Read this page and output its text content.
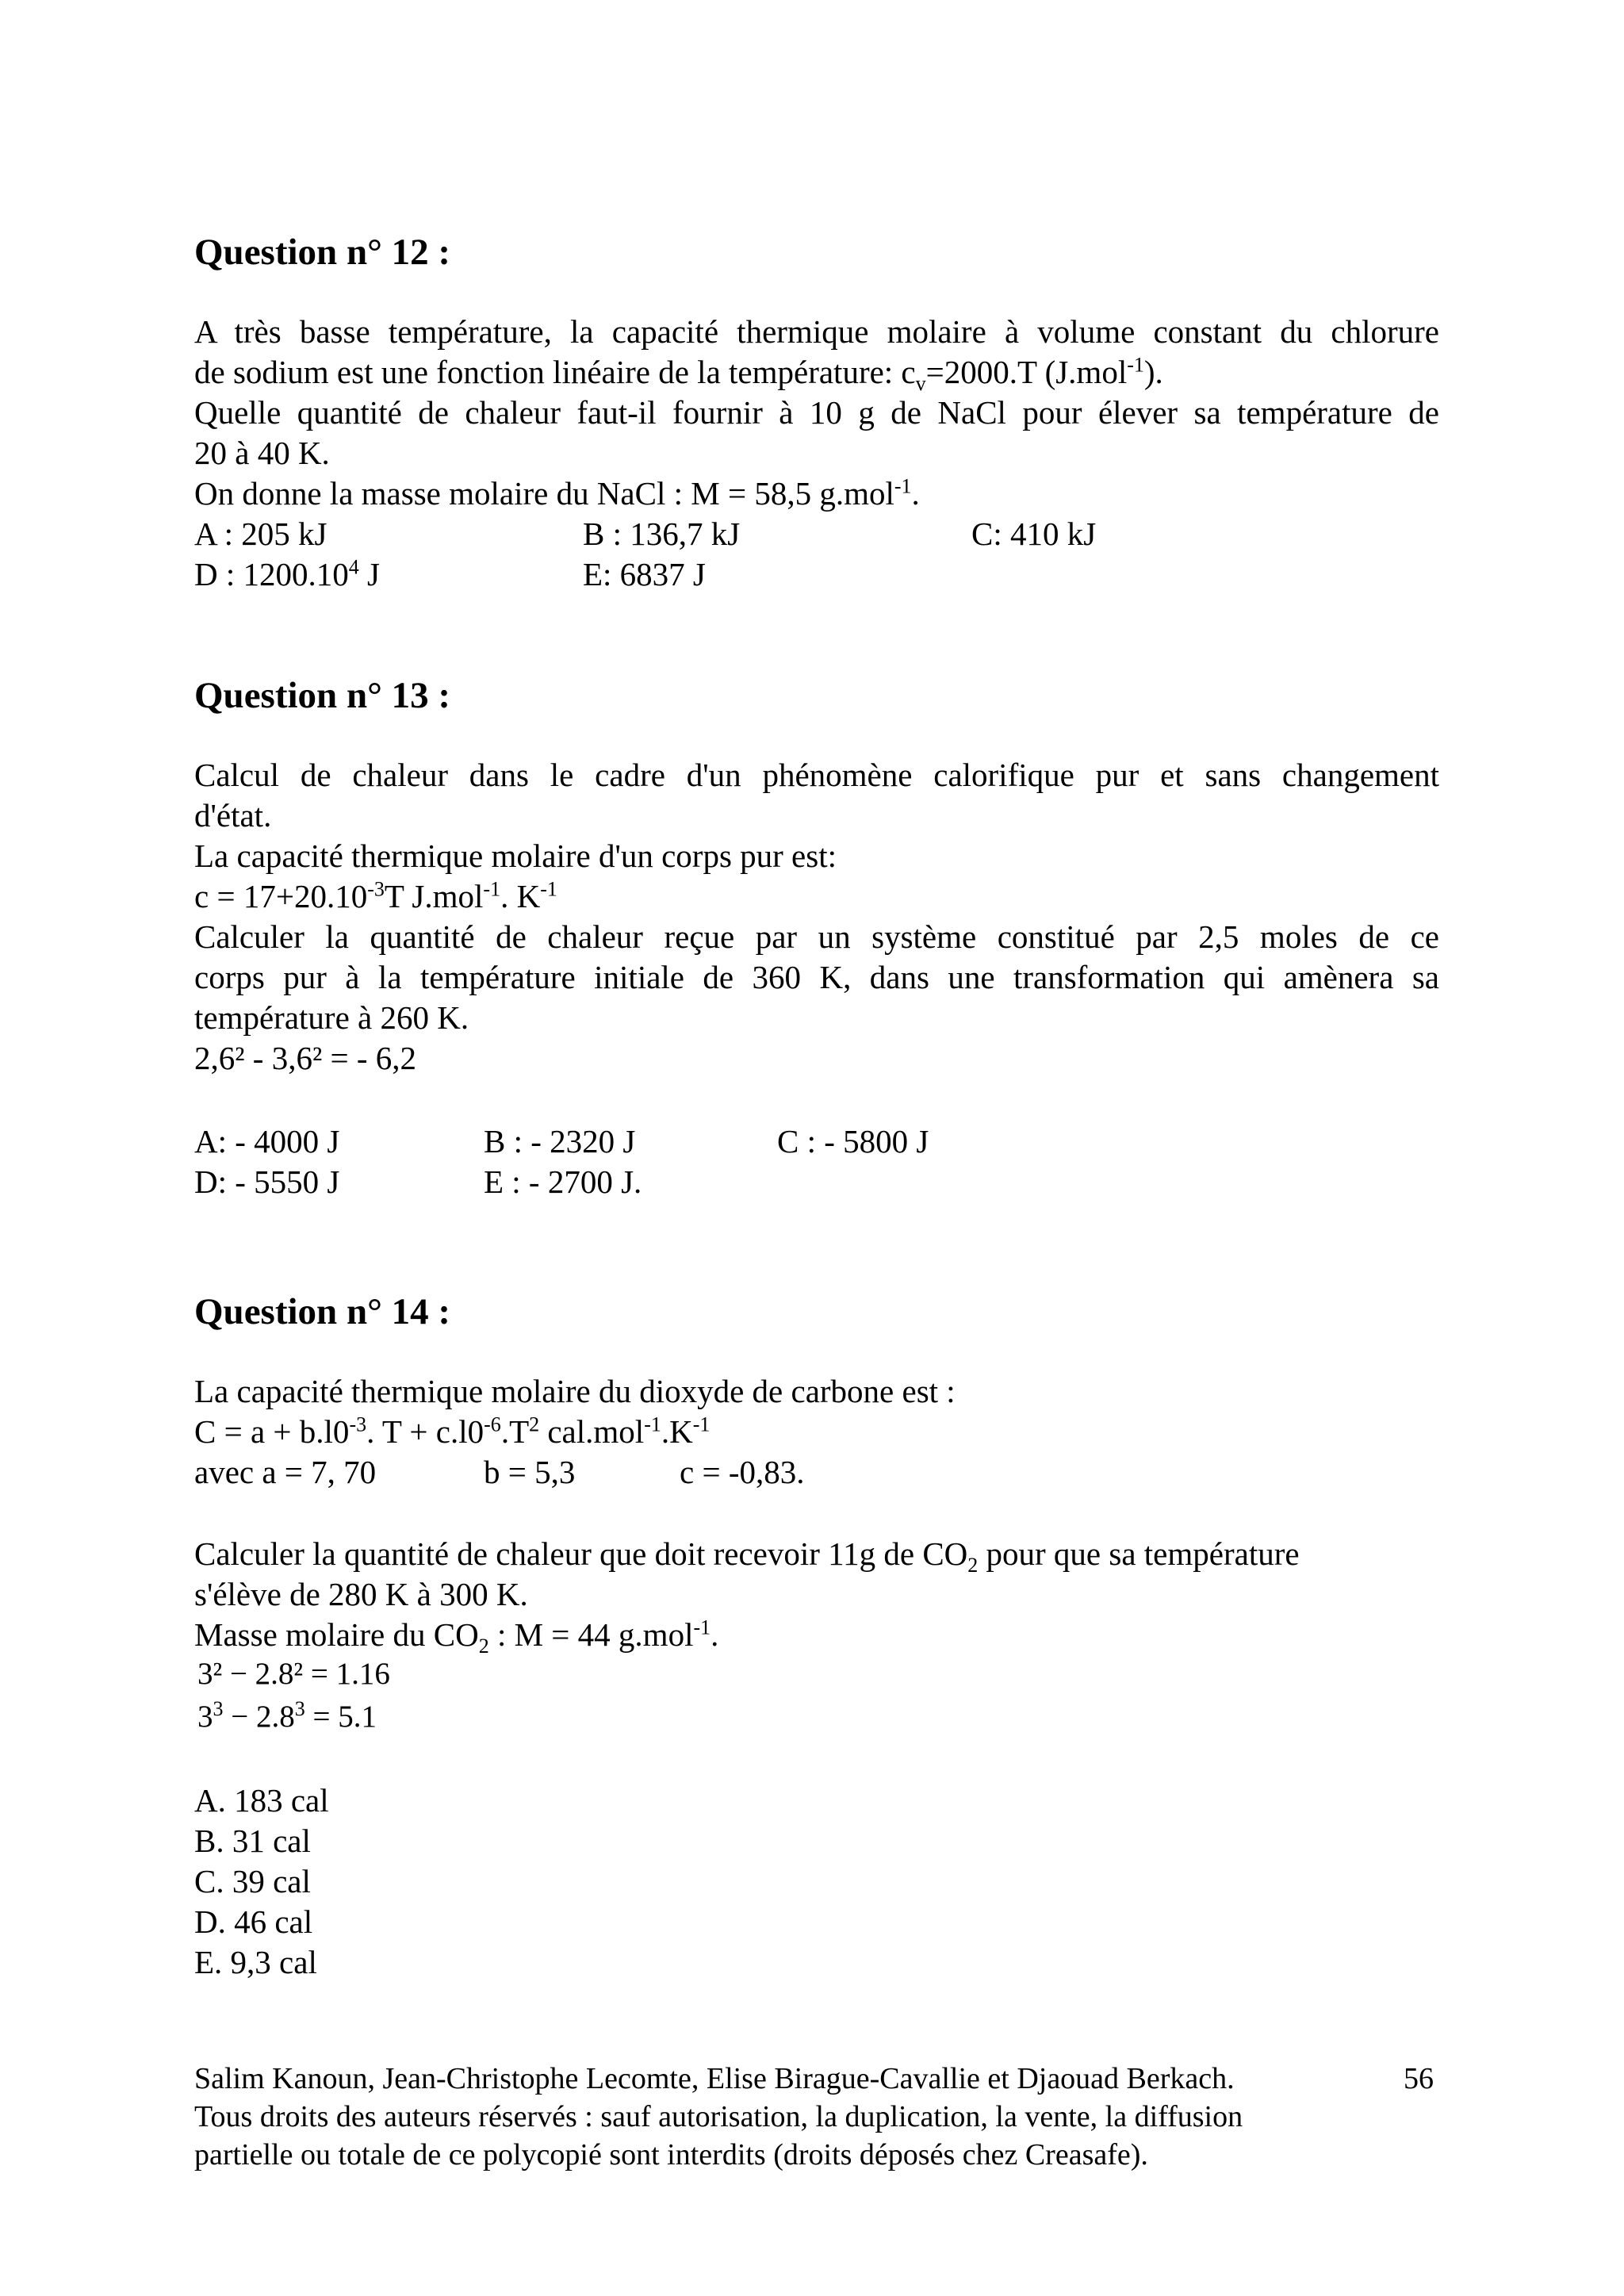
Question n° 12 :
A très basse température, la capacité thermique molaire à volume constant du chlorure
de sodium est une fonction linéaire de la température: $c_v=2000.T$ (J.mol$^{-1}$).
Quelle quantité de chaleur faut-il fournir à 10 g de NaCl pour élever sa température de
20 à 40 K.
On donne la masse molaire du NaCl : M = 58,5 g.mol$^{-1}$.
A : 205 kJ	B : 136,7 kJ	C: 410 kJ
D : 1200.10$^4$ J	E: 6837 J
Question n° 13 :
Calcul de chaleur dans le cadre d'un phénomène calorifique pur et sans changement
d'état.
La capacité thermique molaire d'un corps pur est:
$c = 17+20.10^{-3}T$ J.mol$^{-1}$. $K^{-1}$
Calculer la quantité de chaleur reçue par un système constitué par 2,5 moles de ce
corps pur à la température initiale de 360 K, dans une transformation qui amènera sa
température à 260 K.
2,6² - 3,6² = - 6,2
A: - 4000 J	B : - 2320 J	C : - 5800 J
D: - 5550 J	E : - 2700 J.
Question n° 14 :
La capacité thermique molaire du dioxyde de carbone est :
$C = a + b.l0^{-3}$. $T + c.l0^{-6}.T^2$ $cal.mol^{-1}.K^{-1}$
avec a = 7, 70	b = 5,3	c = -0,83.
Calculer la quantité de chaleur que doit recevoir 11g de $CO_2$ pour que sa température
s'élève de 280 K à 300 K.
Masse molaire du $CO_2$ : M = 44 g.mol$^{-1}$.
3² − 2.8² = 1.16
$3^3 - 2.8^3 = 5.1$
A. 183 cal
B. 31 cal
C. 39 cal
D. 46 cal
E. 9,3 cal
Salim Kanoun, Jean-Christophe Lecomte, Elise Birague-Cavallie et Djaouad Berkach.
Tous droits des auteurs réservés : sauf autorisation, la duplication, la vente, la diffusion
partielle ou totale de ce polycopié sont interdits (droits déposés chez Creasafe).
56
